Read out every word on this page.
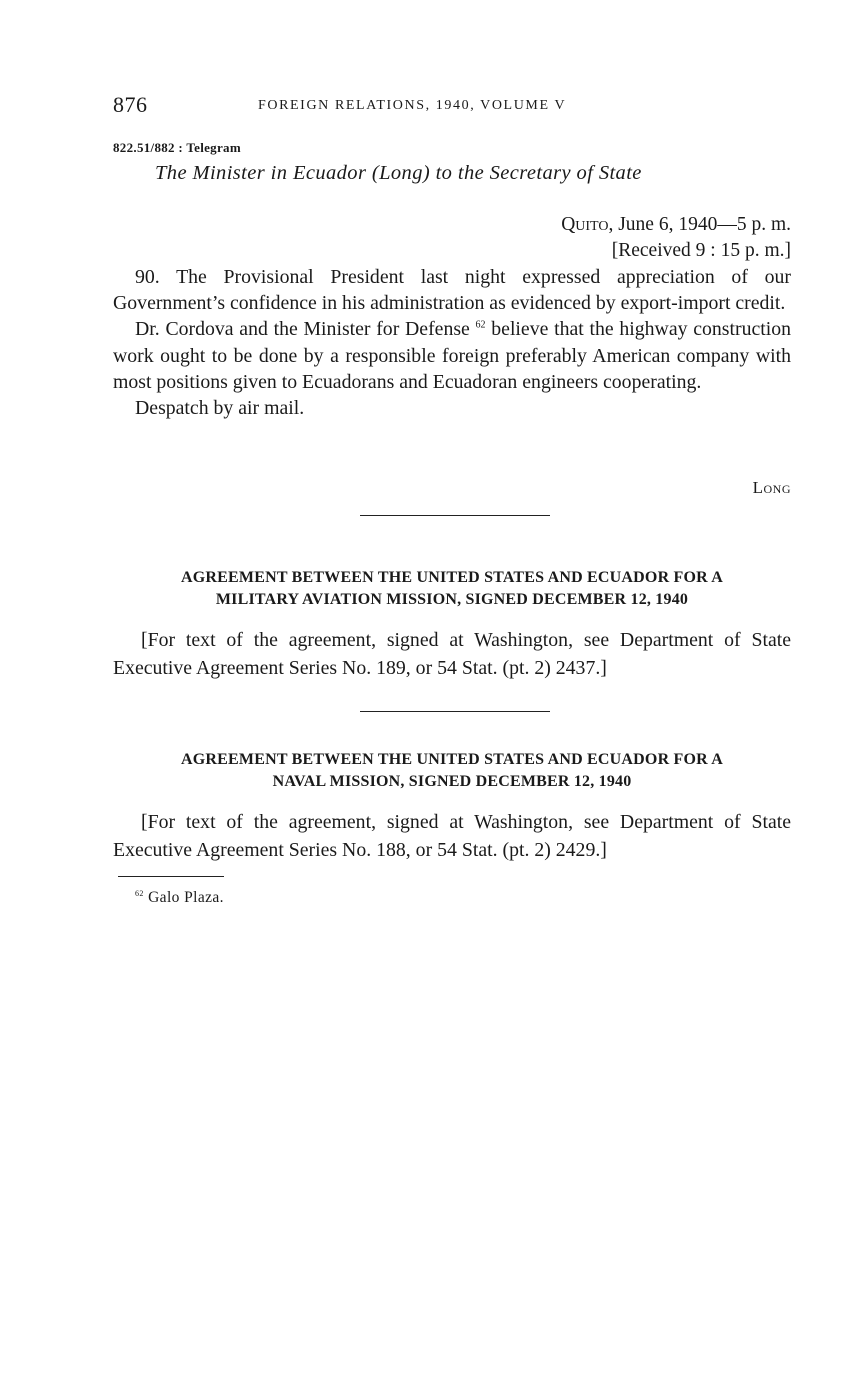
876	FOREIGN RELATIONS, 1940, VOLUME V
822.51/882 : Telegram
The Minister in Ecuador (Long) to the Secretary of State
Quito, June 6, 1940—5 p. m.
[Received 9 : 15 p. m.]

90. The Provisional President last night expressed appreciation of our Government’s confidence in his administration as evidenced by export-import credit.

Dr. Cordova and the Minister for Defense $^{62}$ believe that the highway construction work ought to be done by a responsible foreign preferably American company with most positions given to Ecuadorans and Ecuadoran engineers cooperating.

Despatch by air mail.

Long
AGREEMENT BETWEEN THE UNITED STATES AND ECUADOR FOR A
MILITARY AVIATION MISSION, SIGNED DECEMBER 12, 1940

[For text of the agreement, signed at Washington, see Department of State Executive Agreement Series No. 189, or 54 Stat. (pt. 2) 2437.]

AGREEMENT BETWEEN THE UNITED STATES AND ECUADOR FOR A
NAVAL MISSION, SIGNED DECEMBER 12, 1940

[For text of the agreement, signed at Washington, see Department of State Executive Agreement Series No. 188, or 54 Stat. (pt. 2) 2429.]

$^{62}$ Galo Plaza.
